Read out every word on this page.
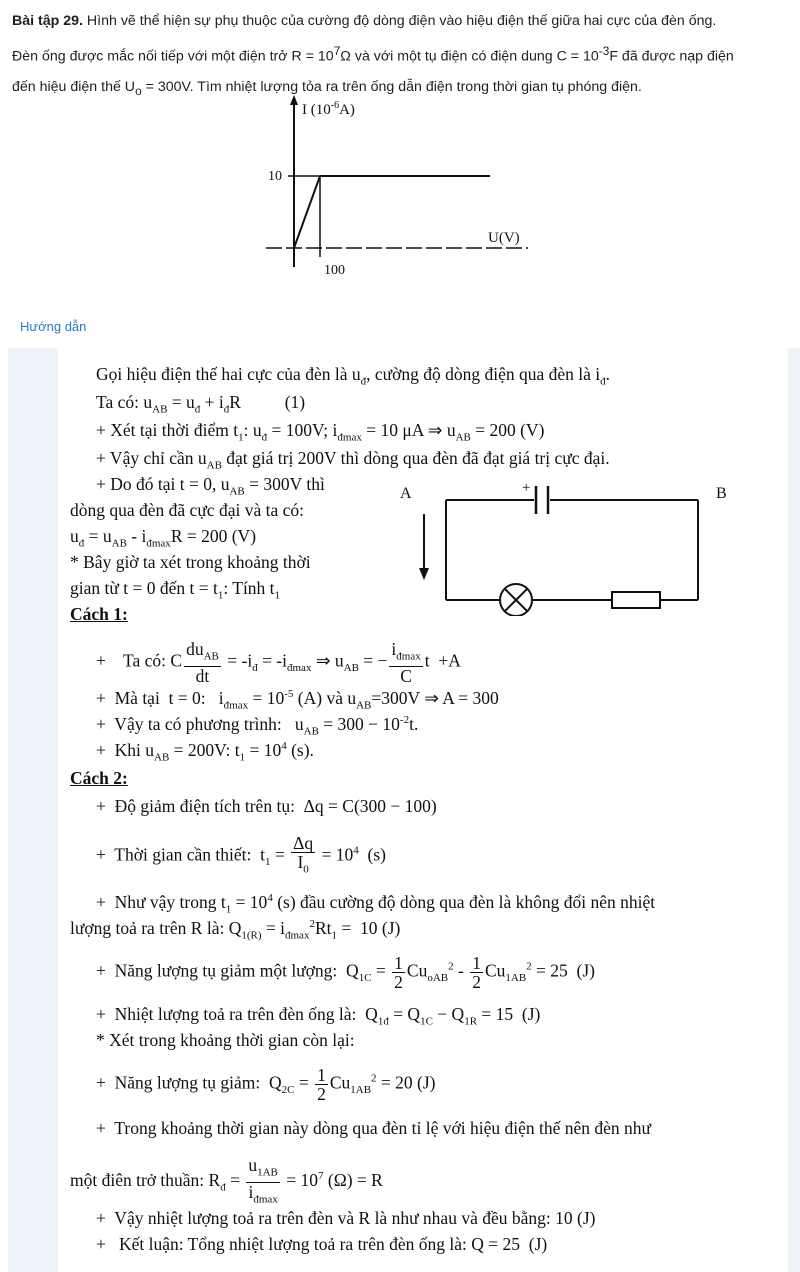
Bài tập 29. Hình vẽ thể hiện sự phụ thuộc của cường độ dòng điện vào hiệu điện thế giữa hai cực của đèn ống.
Đèn ống được mắc nối tiếp với một điện trở $R = 10^7\Omega$ và với một tụ điện có điện dung $C = 10^{-3}F$ đã được nạp điện
đến hiệu điện thế $U_o = 300V$. Tìm nhiệt lượng tỏa ra trên ống dẫn điện trong thời gian tụ phóng điện.
I $(10^{-6}A)$
10
100
U(V)
Hướng dẫn
Gọi hiệu điện thế hai cực của đèn là $u_đ$, cường độ dòng điện qua đèn là $i_đ$.
Ta có: $u_{AB} = u_đ + i_đR$          (1)
+ Xét tại thời điểm $t_1$: $u_đ = 100V$; $i_{đmax} = 10$ μA ⇒ $u_{AB} = 200$ (V)
+ Vậy chỉ cần $u_{AB}$ đạt giá trị 200V thì dòng qua đèn đã đạt giá trị cực đại.
+ Do đó tại t = 0, $u_{AB} = 300V$ thì
dòng qua đèn đã cực đại và ta có:
$u_đ = u_{AB} - i_{đmax}R = 200$ (V)
* Bây giờ ta xét trong khoảng thời
gian từ t = 0 đến $t = t_1$: Tính $t_1$
A	B
+
Cách 1:
+    Ta có: C $\frac{du_{AB}}{dt} = -i_đ = -i_{đmax}$ ⇒ $u_{AB}$ = − $\frac{i_{đmax}}{C}$ t  +A
+  Mà tại  t = 0:   $i_{đmax} = 10^{-5}$ (A) và $u_{AB}=300V$ ⇒ A = 300
+  Vậy ta có phương trình:   $u_{AB} = 300 - 10^{-2}t$.
+  Khi $u_{AB} = 200V$: $t_1 = 10^4$ (s).
Cách 2:
+  Độ giảm điện tích trên tụ:  Δq = C(300 − 100)
+  Thời gian cần thiết:  $t_1 = \frac{\Delta q}{I_0} = 10^4$  (s)
+  Như vậy trong $t_1 = 10^4$ (s) đầu cường độ dòng qua đèn là không đổi nên nhiệt
lượng toả ra trên R là: $Q_{1(R)} = i_{đmax}^2Rt_1 = 10$ (J)
+  Năng lượng tụ giảm một lượng:  $Q_{1C} = \frac{1}{2} Cu_{oAB}^2 - \frac{1}{2} Cu_{1AB}^2 = 25$  (J)
+  Nhiệt lượng toả ra trên đèn ống là:  $Q_{1đ} = Q_{1C} - Q_{1R} = 15$  (J)
* Xét trong khoảng thời gian còn lại:
+  Năng lượng tụ giảm:  $Q_{2C} = \frac{1}{2} Cu_{1AB}^2 = 20$ (J)
+  Trong khoảng thời gian này dòng qua đèn tỉ lệ với hiệu điện thế nên đèn như
một điên trở thuần: $R_đ = \frac{u_{1AB}}{i_{đmax}} = 10^7$ (Ω) = R
+  Vậy nhiệt lượng toả ra trên đèn và R là như nhau và đều bằng: 10 (J)
+   Kết luận: Tổng nhiệt lượng toả ra trên đèn ống là: Q = 25  (J)
